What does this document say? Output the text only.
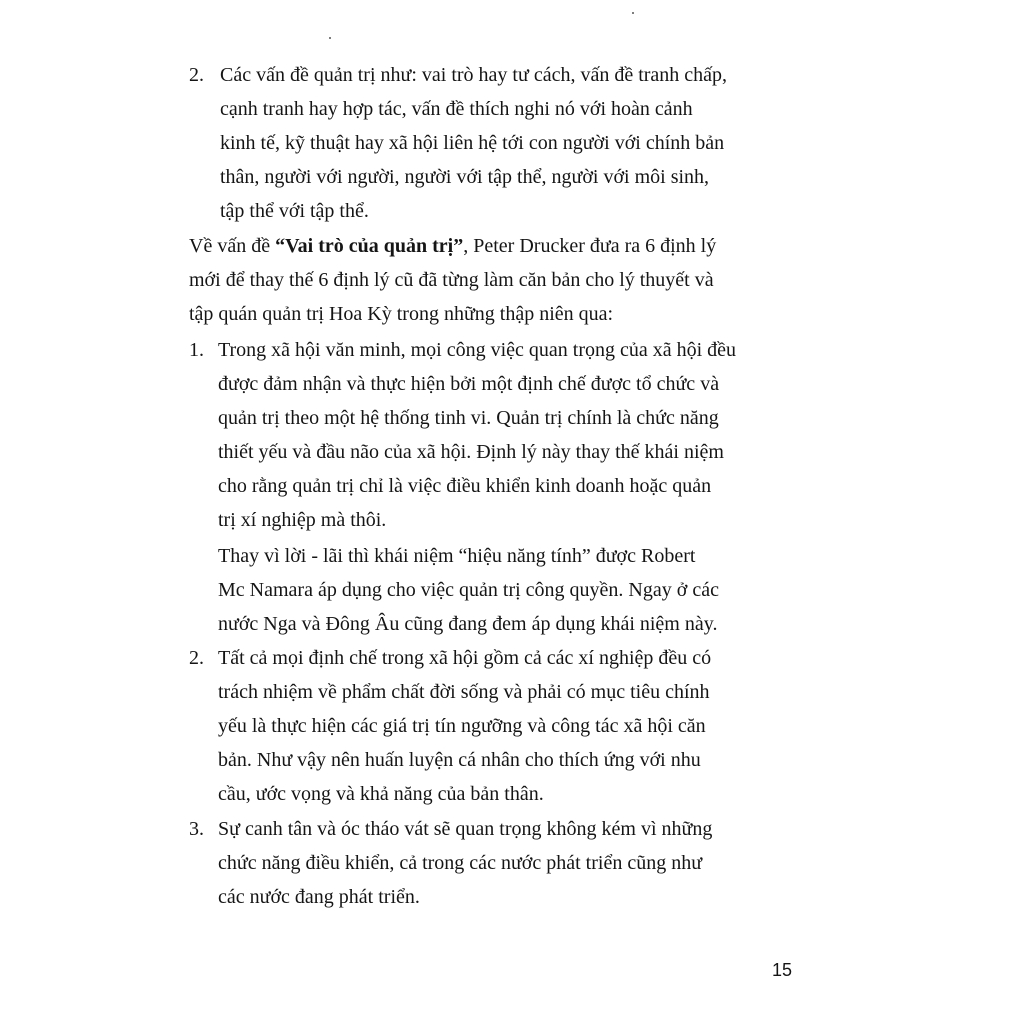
2. Các vấn đề quản trị như: vai trò hay tư cách, vấn đề tranh chấp,
cạnh tranh hay hợp tác, vấn đề thích nghi nó với hoàn cảnh
kinh tế, kỹ thuật hay xã hội liên hệ tới con người với chính bản
thân, người với người, người với tập thể, người với môi sinh,
tập thể với tập thể.
Về vấn đề “Vai trò của quản trị”, Peter Drucker đưa ra 6 định lý
mới để thay thế 6 định lý cũ đã từng làm căn bản cho lý thuyết và
tập quán quản trị Hoa Kỳ trong những thập niên qua:
1. Trong xã hội văn minh, mọi công việc quan trọng của xã hội đều
được đảm nhận và thực hiện bởi một định chế được tổ chức và
quản trị theo một hệ thống tinh vi. Quản trị chính là chức năng
thiết yếu và đầu não của xã hội. Định lý này thay thế khái niệm
cho rằng quản trị chỉ là việc điều khiển kinh doanh hoặc quản
trị xí nghiệp mà thôi.
Thay vì lời - lãi thì khái niệm “hiệu năng tính” được Robert
Mc Namara áp dụng cho việc quản trị công quyền. Ngay ở các
nước Nga và Đông Âu cũng đang đem áp dụng khái niệm này.
2. Tất cả mọi định chế trong xã hội gồm cả các xí nghiệp đều có
trách nhiệm về phẩm chất đời sống và phải có mục tiêu chính
yếu là thực hiện các giá trị tín ngưỡng và công tác xã hội căn
bản. Như vậy nên huấn luyện cá nhân cho thích ứng với nhu
cầu, ước vọng và khả năng của bản thân.
3. Sự canh tân và óc tháo vát sẽ quan trọng không kém vì những
chức năng điều khiển, cả trong các nước phát triển cũng như
các nước đang phát triển.
15
